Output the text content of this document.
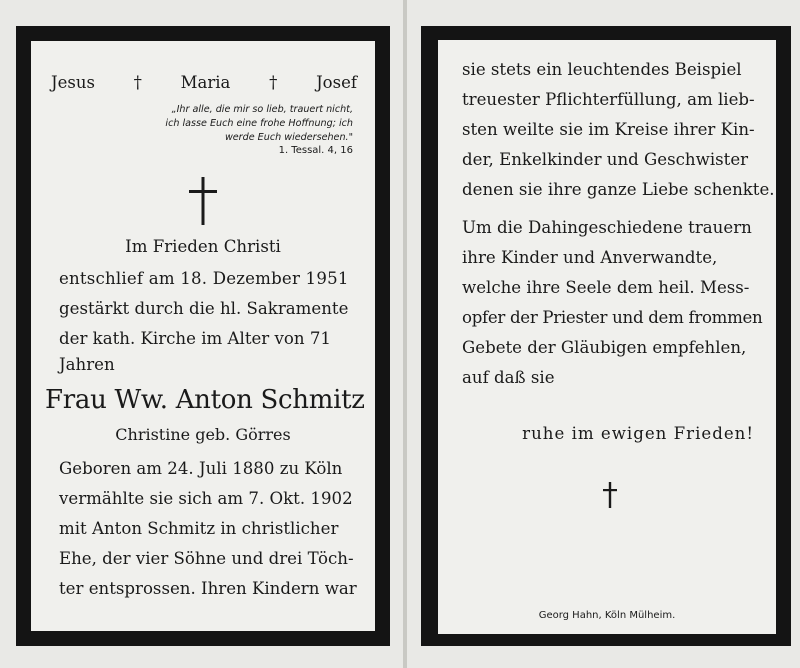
Jesus † Maria † Josef
„Ihr alle, die mir so lieb, trauert nicht,
ich lasse Euch eine frohe Hoffnung; ich
werde Euch wiedersehen."
1. Tessal. 4, 16
Im Frieden Christi
entschlief am 18. Dezember 1951
gestärkt durch die hl. Sakramente
der kath. Kirche im Alter von 71
Jahren
Frau Ww. Anton Schmitz
Christine geb. Görres
Geboren am 24. Juli 1880 zu Köln
vermählte sie sich am 7. Okt. 1902
mit Anton Schmitz in christlicher
Ehe, der vier Söhne und drei Töch-
ter entsprossen. Ihren Kindern war
sie stets ein leuchtendes Beispiel
treuester Pflichterfüllung, am lieb-
sten weilte sie im Kreise ihrer Kin-
der, Enkelkinder und Geschwister
denen sie ihre ganze Liebe schenkte.
Um die Dahingeschiedene trauern
ihre Kinder und Anverwandte,
welche ihre Seele dem heil. Mess-
opfer der Priester und dem frommen
Gebete der Gläubigen empfehlen,
auf daß sie
ruhe im ewigen Frieden!
Georg Hahn, Köln Mülheim.
